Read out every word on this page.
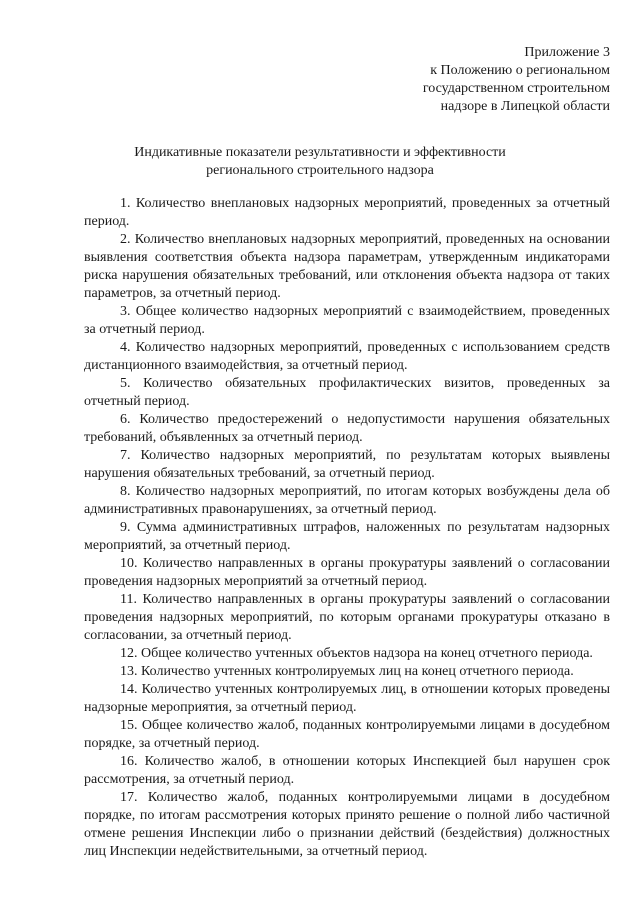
Приложение 3
к Положению о региональном
государственном строительном
надзоре в Липецкой области
Индикативные показатели результативности и эффективности
регионального строительного надзора

1. Количество внеплановых надзорных мероприятий, проведенных за отчетный период.

2. Количество внеплановых надзорных мероприятий, проведенных на основании выявления соответствия объекта надзора параметрам, утвержденным индикаторами риска нарушения обязательных требований, или отклонения объекта надзора от таких параметров, за отчетный период.

3. Общее количество надзорных мероприятий с взаимодействием, проведенных за отчетный период.

4. Количество надзорных мероприятий, проведенных с использованием средств дистанционного взаимодействия, за отчетный период.

5. Количество обязательных профилактических визитов, проведенных за отчетный период.

6. Количество предостережений о недопустимости нарушения обязательных требований, объявленных за отчетный период.

7. Количество надзорных мероприятий, по результатам которых выявлены нарушения обязательных требований, за отчетный период.

8. Количество надзорных мероприятий, по итогам которых возбуждены дела об административных правонарушениях, за отчетный период.

9. Сумма административных штрафов, наложенных по результатам надзорных мероприятий, за отчетный период.

10. Количество направленных в органы прокуратуры заявлений о согласовании проведения надзорных мероприятий за отчетный период.

11. Количество направленных в органы прокуратуры заявлений о согласовании проведения надзорных мероприятий, по которым органами прокуратуры отказано в согласовании, за отчетный период.

12. Общее количество учтенных объектов надзора на конец отчетного периода.

13. Количество учтенных контролируемых лиц на конец отчетного периода.

14. Количество учтенных контролируемых лиц, в отношении которых проведены надзорные мероприятия, за отчетный период.

15. Общее количество жалоб, поданных контролируемыми лицами в досудебном порядке, за отчетный период.

16. Количество жалоб, в отношении которых Инспекцией был нарушен срок рассмотрения, за отчетный период.

17. Количество жалоб, поданных контролируемыми лицами в досудебном порядке, по итогам рассмотрения которых принято решение о полной либо частичной отмене решения Инспекции либо о признании действий (бездействия) должностных лиц Инспекции недействительными, за отчетный период.
